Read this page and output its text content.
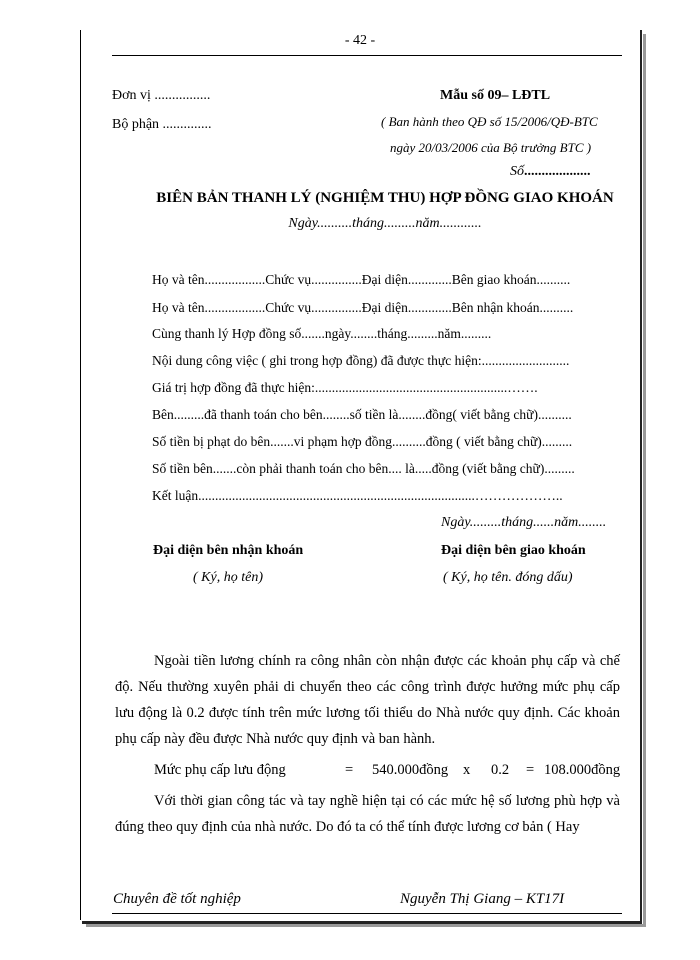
- 42 -
Đơn vị ................
Bộ phận ..............
Mẫu số 09– LĐTL
( Ban hành theo QĐ số 15/2006/QĐ-BTC
ngày 20/03/2006 của Bộ trưởng BTC )
Số...................
BIÊN BẢN THANH LÝ (NGHIỆM THU) HỢP ĐỒNG GIAO KHOÁN
Ngày..........tháng.........năm............
Họ và tên..................Chức vụ...............Đại diện.............Bên giao khoán..........
Họ và tên..................Chức vụ...............Đại diện.............Bên nhận khoán..........
Cùng thanh lý Hợp đồng số.......ngày........tháng.........năm.........
Nội dung công việc ( ghi trong hợp đồng) đã được thực hiện:..........................
Giá trị hợp đồng đã thực hiện:.........................................................…….
Bên.........đã thanh toán cho bên........số tiền là........đồng( viết bằng chữ)..........
Số tiền bị phạt do bên.......vi phạm hợp đồng..........đồng ( viết bằng chữ).........
Số tiền bên.......còn phải thanh toán cho bên.... là.....đồng (viết bằng chữ).........
Kết luận..................................................................................………………..
Ngày.........tháng......năm........
Đại diện bên nhận khoán
( Ký, họ tên)
Đại diện bên giao khoán
( Ký, họ tên. đóng dấu)
Ngoài tiền lương chính ra công nhân còn nhận được các khoản phụ cấp và chế độ. Nếu thường xuyên phải di chuyển theo các công trình được hưởng mức phụ cấp lưu động là 0.2 được tính trên mức lương tối thiểu do Nhà nước quy định. Các khoản phụ cấp này đều được Nhà nước quy định và ban hành.
Mức phụ cấp lưu động	= 540.000đồng x 0.2 = 108.000đồng
Với thời gian công tác và tay nghề hiện tại có các mức hệ số lương phù hợp và đúng theo quy định của nhà nước. Do đó ta có thể tính được lương cơ bản ( Hay
Chuyên đề tốt nghiệp	Nguyễn Thị Giang – KT17I
